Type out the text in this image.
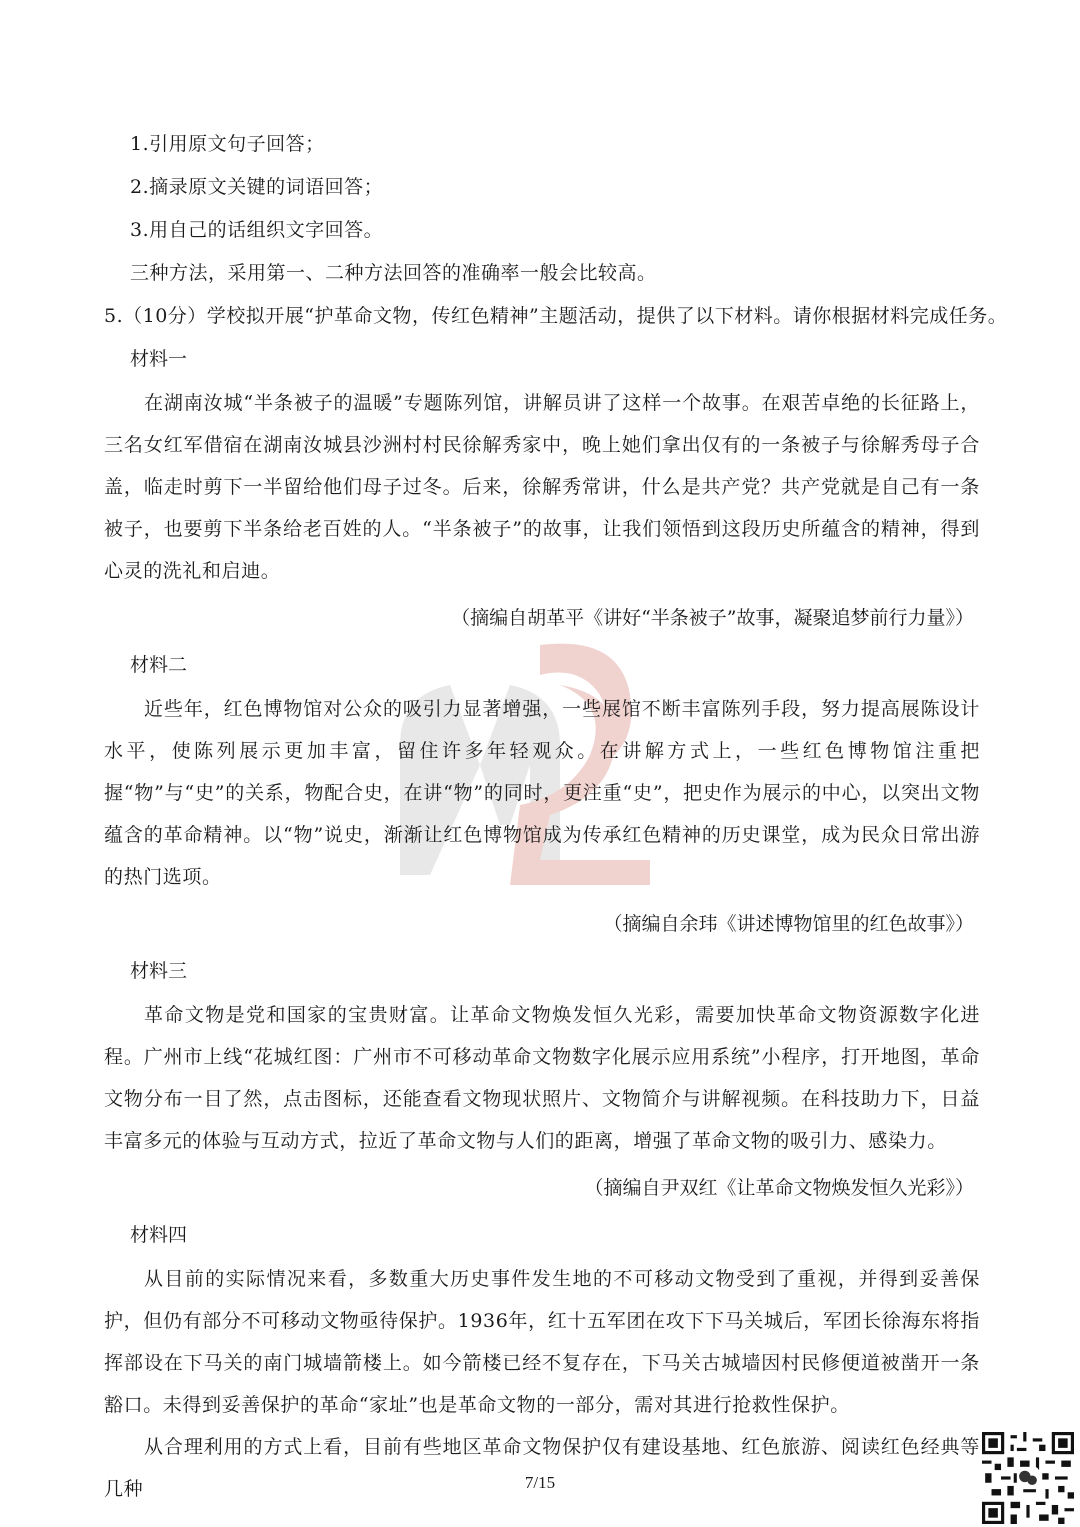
1.引用原文句子回答；

2.摘录原文关键的词语回答；

3.用自己的话组织文字回答。

三种方法，采用第一、二种方法回答的准确率一般会比较高。

5.（10分）学校拟开展“护革命文物，传红色精神”主题活动，提供了以下材料。请你根据材料完成任务。

材料一

在湖南汝城“半条被子的温暖”专题陈列馆，讲解员讲了这样一个故事。在艰苦卓绝的长征路上，三名女红军借宿在湖南汝城县沙洲村村民徐解秀家中，晚上她们拿出仅有的一条被子与徐解秀母子合盖，临走时剪下一半留给他们母子过冬。后来，徐解秀常讲，什么是共产党？共产党就是自己有一条被子，也要剪下半条给老百姓的人。“半条被子”的故事，让我们领悟到这段历史所蕴含的精神，得到心灵的洗礼和启迪。

（摘编自胡革平《讲好“半条被子”故事，凝聚追梦前行力量》）

材料二

近些年，红色博物馆对公众的吸引力显著增强，一些展馆不断丰富陈列手段，努力提高展陈设计水平，使陈列展示更加丰富，留住许多年轻观众。在讲解方式上，一些红色博物馆注重把握“物”与“史”的关系，物配合史，在讲“物”的同时，更注重“史”，把史作为展示的中心，以突出文物蕴含的革命精神。以“物”说史，渐渐让红色博物馆成为传承红色精神的历史课堂，成为民众日常出游的热门选项。

（摘编自余玮《讲述博物馆里的红色故事》）

材料三

革命文物是党和国家的宝贵财富。让革命文物焕发恒久光彩，需要加快革命文物资源数字化进程。广州市上线“花城红图：广州市不可移动革命文物数字化展示应用系统”小程序，打开地图，革命文物分布一目了然，点击图标，还能查看文物现状照片、文物简介与讲解视频。在科技助力下，日益丰富多元的体验与互动方式，拉近了革命文物与人们的距离，增强了革命文物的吸引力、感染力。

（摘编自尹双红《让革命文物焕发恒久光彩》）

材料四

从目前的实际情况来看，多数重大历史事件发生地的不可移动文物受到了重视，并得到妥善保护，但仍有部分不可移动文物亟待保护。1936年，红十五军团在攻下下马关城后，军团长徐海东将指挥部设在下马关的南门城墙箭楼上。如今箭楼已经不复存在，下马关古城墙因村民修便道被凿开一条豁口。未得到妥善保护的革命“家址”也是革命文物的一部分，需对其进行抢救性保护。

从合理利用的方式上看，目前有些地区革命文物保护仅有建设基地、红色旅游、阅读红色经典等几种	7/15
